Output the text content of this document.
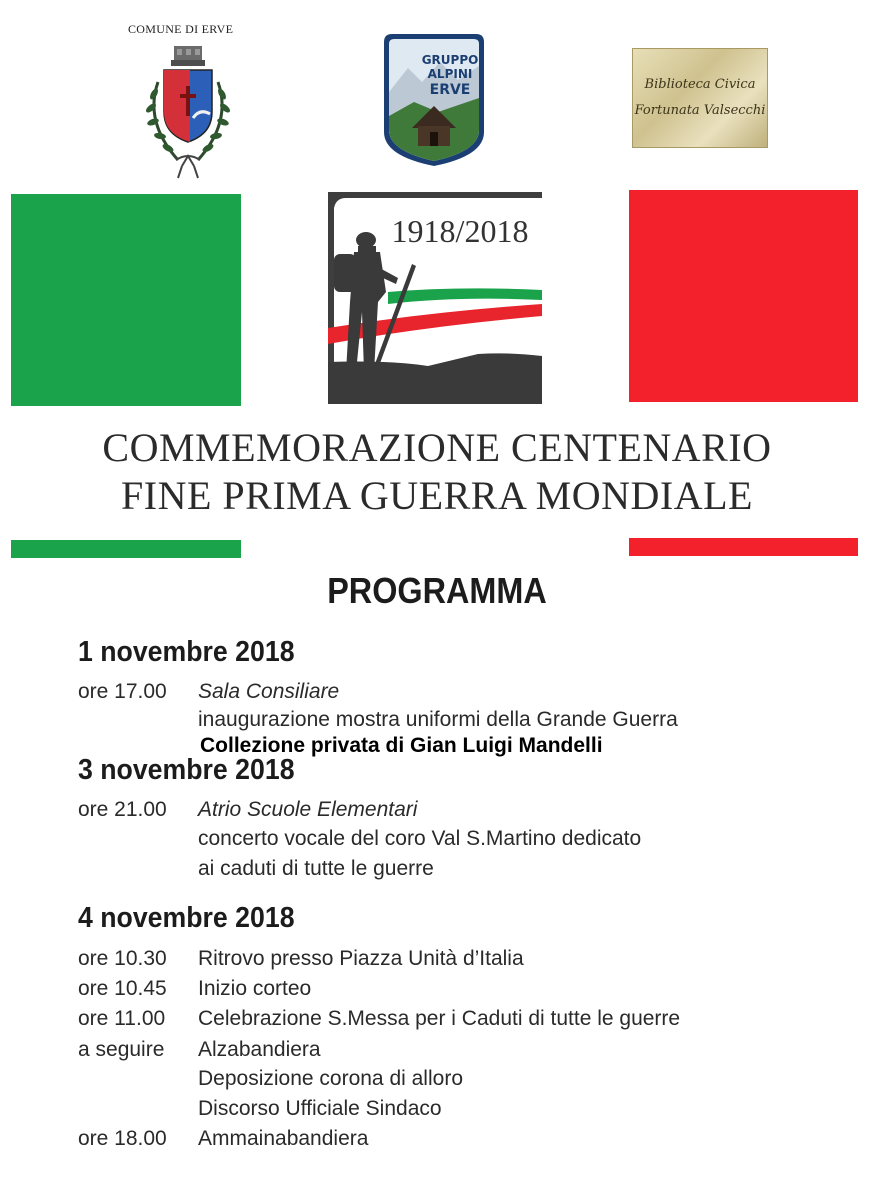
COMUNE DI ERVE
GRUPPO
ALPINI
ERVE	Biblioteca Civica
Fortunata Valsecchi
1918/2018
COMMEMORAZIONE CENTENARIO
FINE PRIMA GUERRA MONDIALE
PROGRAMMA
1 novembre 2018
ore 17.00 Sala Consiliare
inaugurazione mostra uniformi della Grande Guerra
Collezione privata di Gian Luigi Mandelli
3 novembre 2018
ore 21.00 Atrio Scuole Elementari
concerto vocale del coro Val S.Martino dedicato
ai caduti di tutte le guerre
4 novembre 2018
ore 10.30 Ritrovo presso Piazza Unità d’Italia
ore 10.45 Inizio corteo
ore 11.00 Celebrazione S.Messa per i Caduti di tutte le guerre
a seguire Alzabandiera
Deposizione corona di alloro
Discorso Ufficiale Sindaco
ore 18.00 Ammainabandiera
